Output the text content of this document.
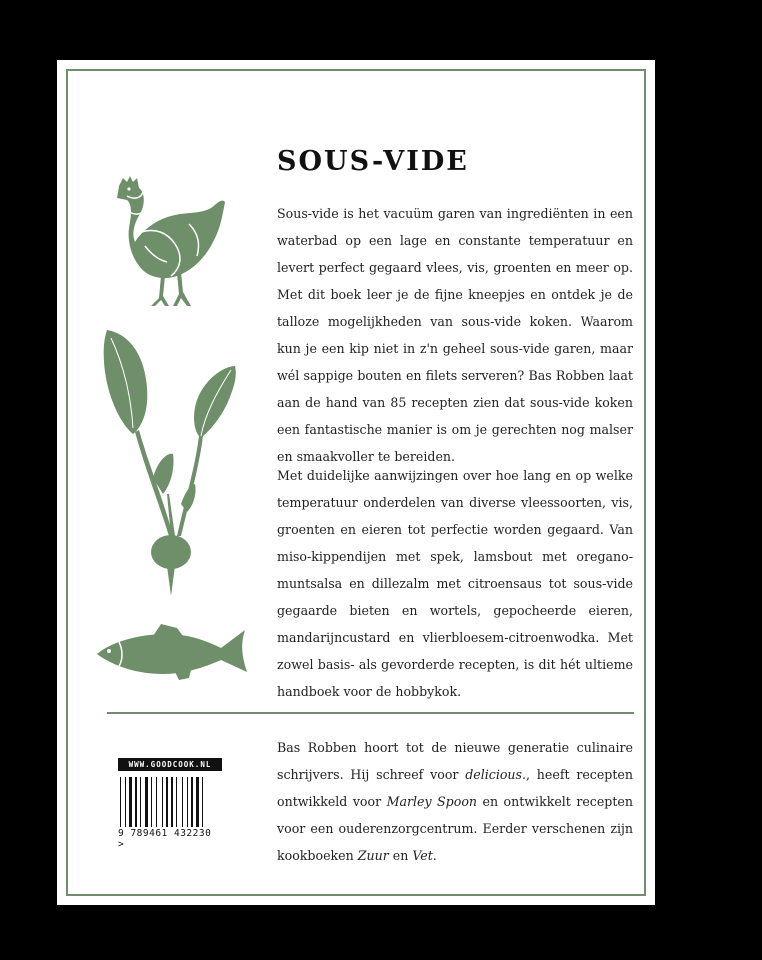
SOUS-VIDE

Sous-vide is het vacuüm garen van ingrediënten in een waterbad op een lage en constante temperatuur en levert perfect gegaard vlees, vis, groenten en meer op. Met dit boek leer je de fijne kneepjes en ontdek je de talloze mogelijkheden van sous-vide koken. Waarom kun je een kip niet in z'n geheel sous-vide garen, maar wél sappige bouten en filets serveren? Bas Robben laat aan de hand van 85 recepten zien dat sous-vide koken een fantastische manier is om je gerechten nog malser en smaakvoller te bereiden.

Met duidelijke aanwijzingen over hoe lang en op welke temperatuur onderdelen van diverse vleessoorten, vis, groenten en eieren tot perfectie worden gegaard. Van miso-kippendijen met spek, lamsbout met oregano-muntsalsa en dillezalm met citroensaus tot sous-vide gegaarde bieten en wortels, gepocheerde eieren, mandarijncustard en vlierbloesem-citroenwodka. Met zowel basis- als gevorderde recepten, is dit hét ultieme handboek voor de hobbykok.

WWW.GOODCOOK.NL
9 789461 432230 >

Bas Robben hoort tot de nieuwe generatie culinaire schrijvers. Hij schreef voor delicious., heeft recepten ontwikkeld voor Marley Spoon en ontwikkelt recepten voor een ouderenzorgcentrum. Eerder verschenen zijn kookboeken Zuur en Vet.
